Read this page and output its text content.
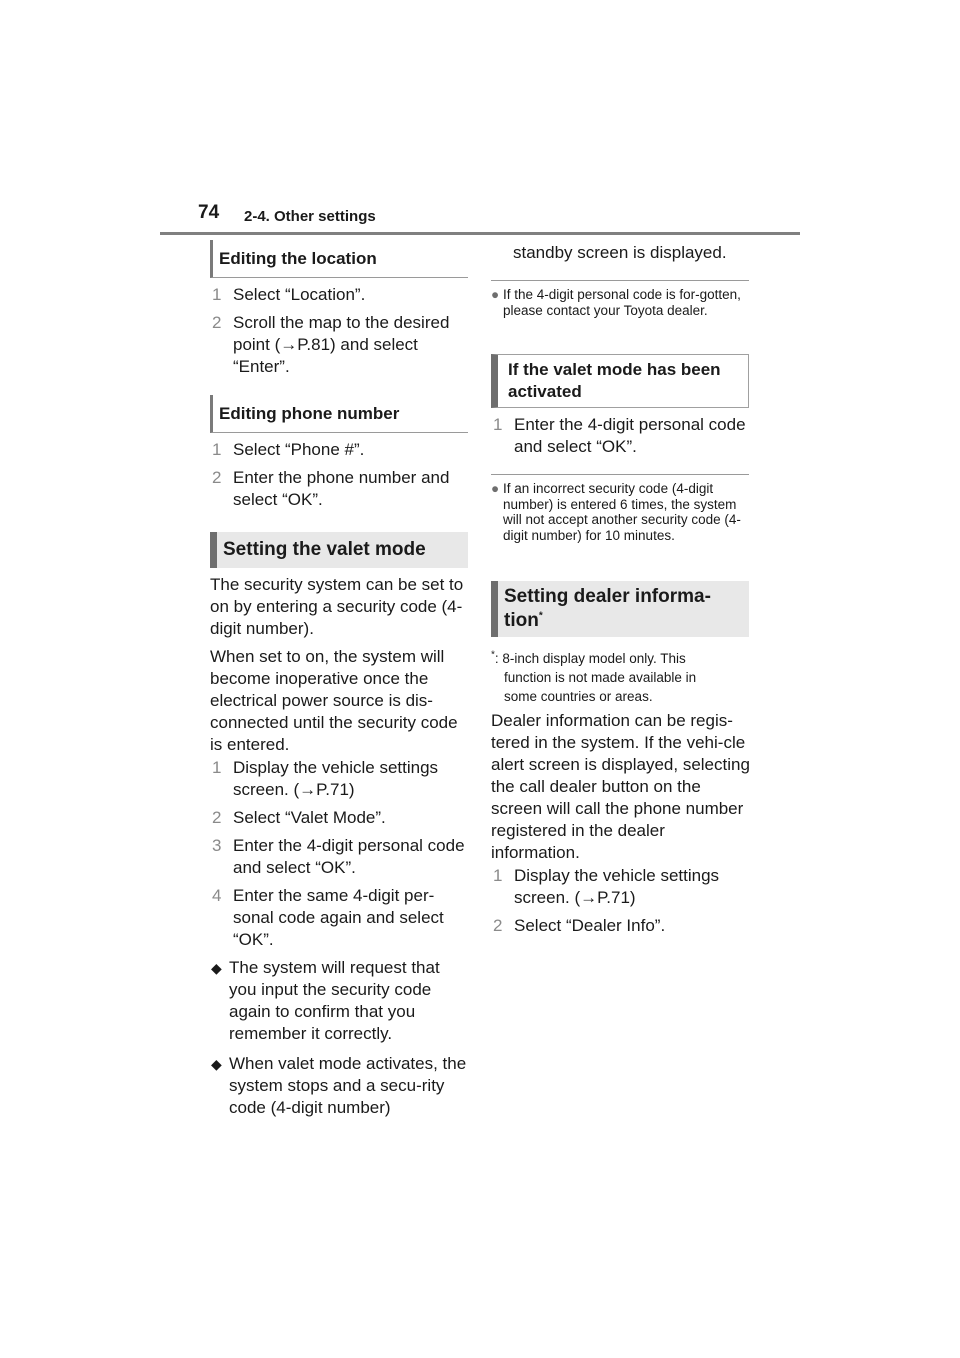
74 2-4. Other settings
Editing the location
1 Select “Location”.
2 Scroll the map to the desired point (→P.81) and select “Enter”.
Editing phone number
1 Select “Phone #”.
2 Enter the phone number and select “OK”.
Setting the valet mode

The security system can be set to on by entering a security code (4-digit number).

When set to on, the system will become inoperative once the electrical power source is dis-connected until the security code is entered.

1 Display the vehicle settings screen. (→P.71)
2 Select “Valet Mode”.
3 Enter the 4-digit personal code and select “OK”.
4 Enter the same 4-digit per-sonal code again and select “OK”.
◆ The system will request that you input the security code again to confirm that you remember it correctly.
◆ When valet mode activates, the system stops and a secu-rity code (4-digit number)
standby screen is displayed.
● If the 4-digit personal code is for-gotten, please contact your Toyota dealer.
If the valet mode has been
activated
1 Enter the 4-digit personal code and select “OK”.
● If an incorrect security code (4-digit number) is entered 6 times, the system will not accept another security code (4-digit number) for 10 minutes.
Setting dealer informa-
tion*
*: 8-inch display model only. This
function is not made available in
some countries or areas.

Dealer information can be regis-tered in the system. If the vehi-cle alert screen is displayed, selecting the call dealer button on the screen will call the phone number registered in the dealer information.

1 Display the vehicle settings screen. (→P.71)
2 Select “Dealer Info”.
